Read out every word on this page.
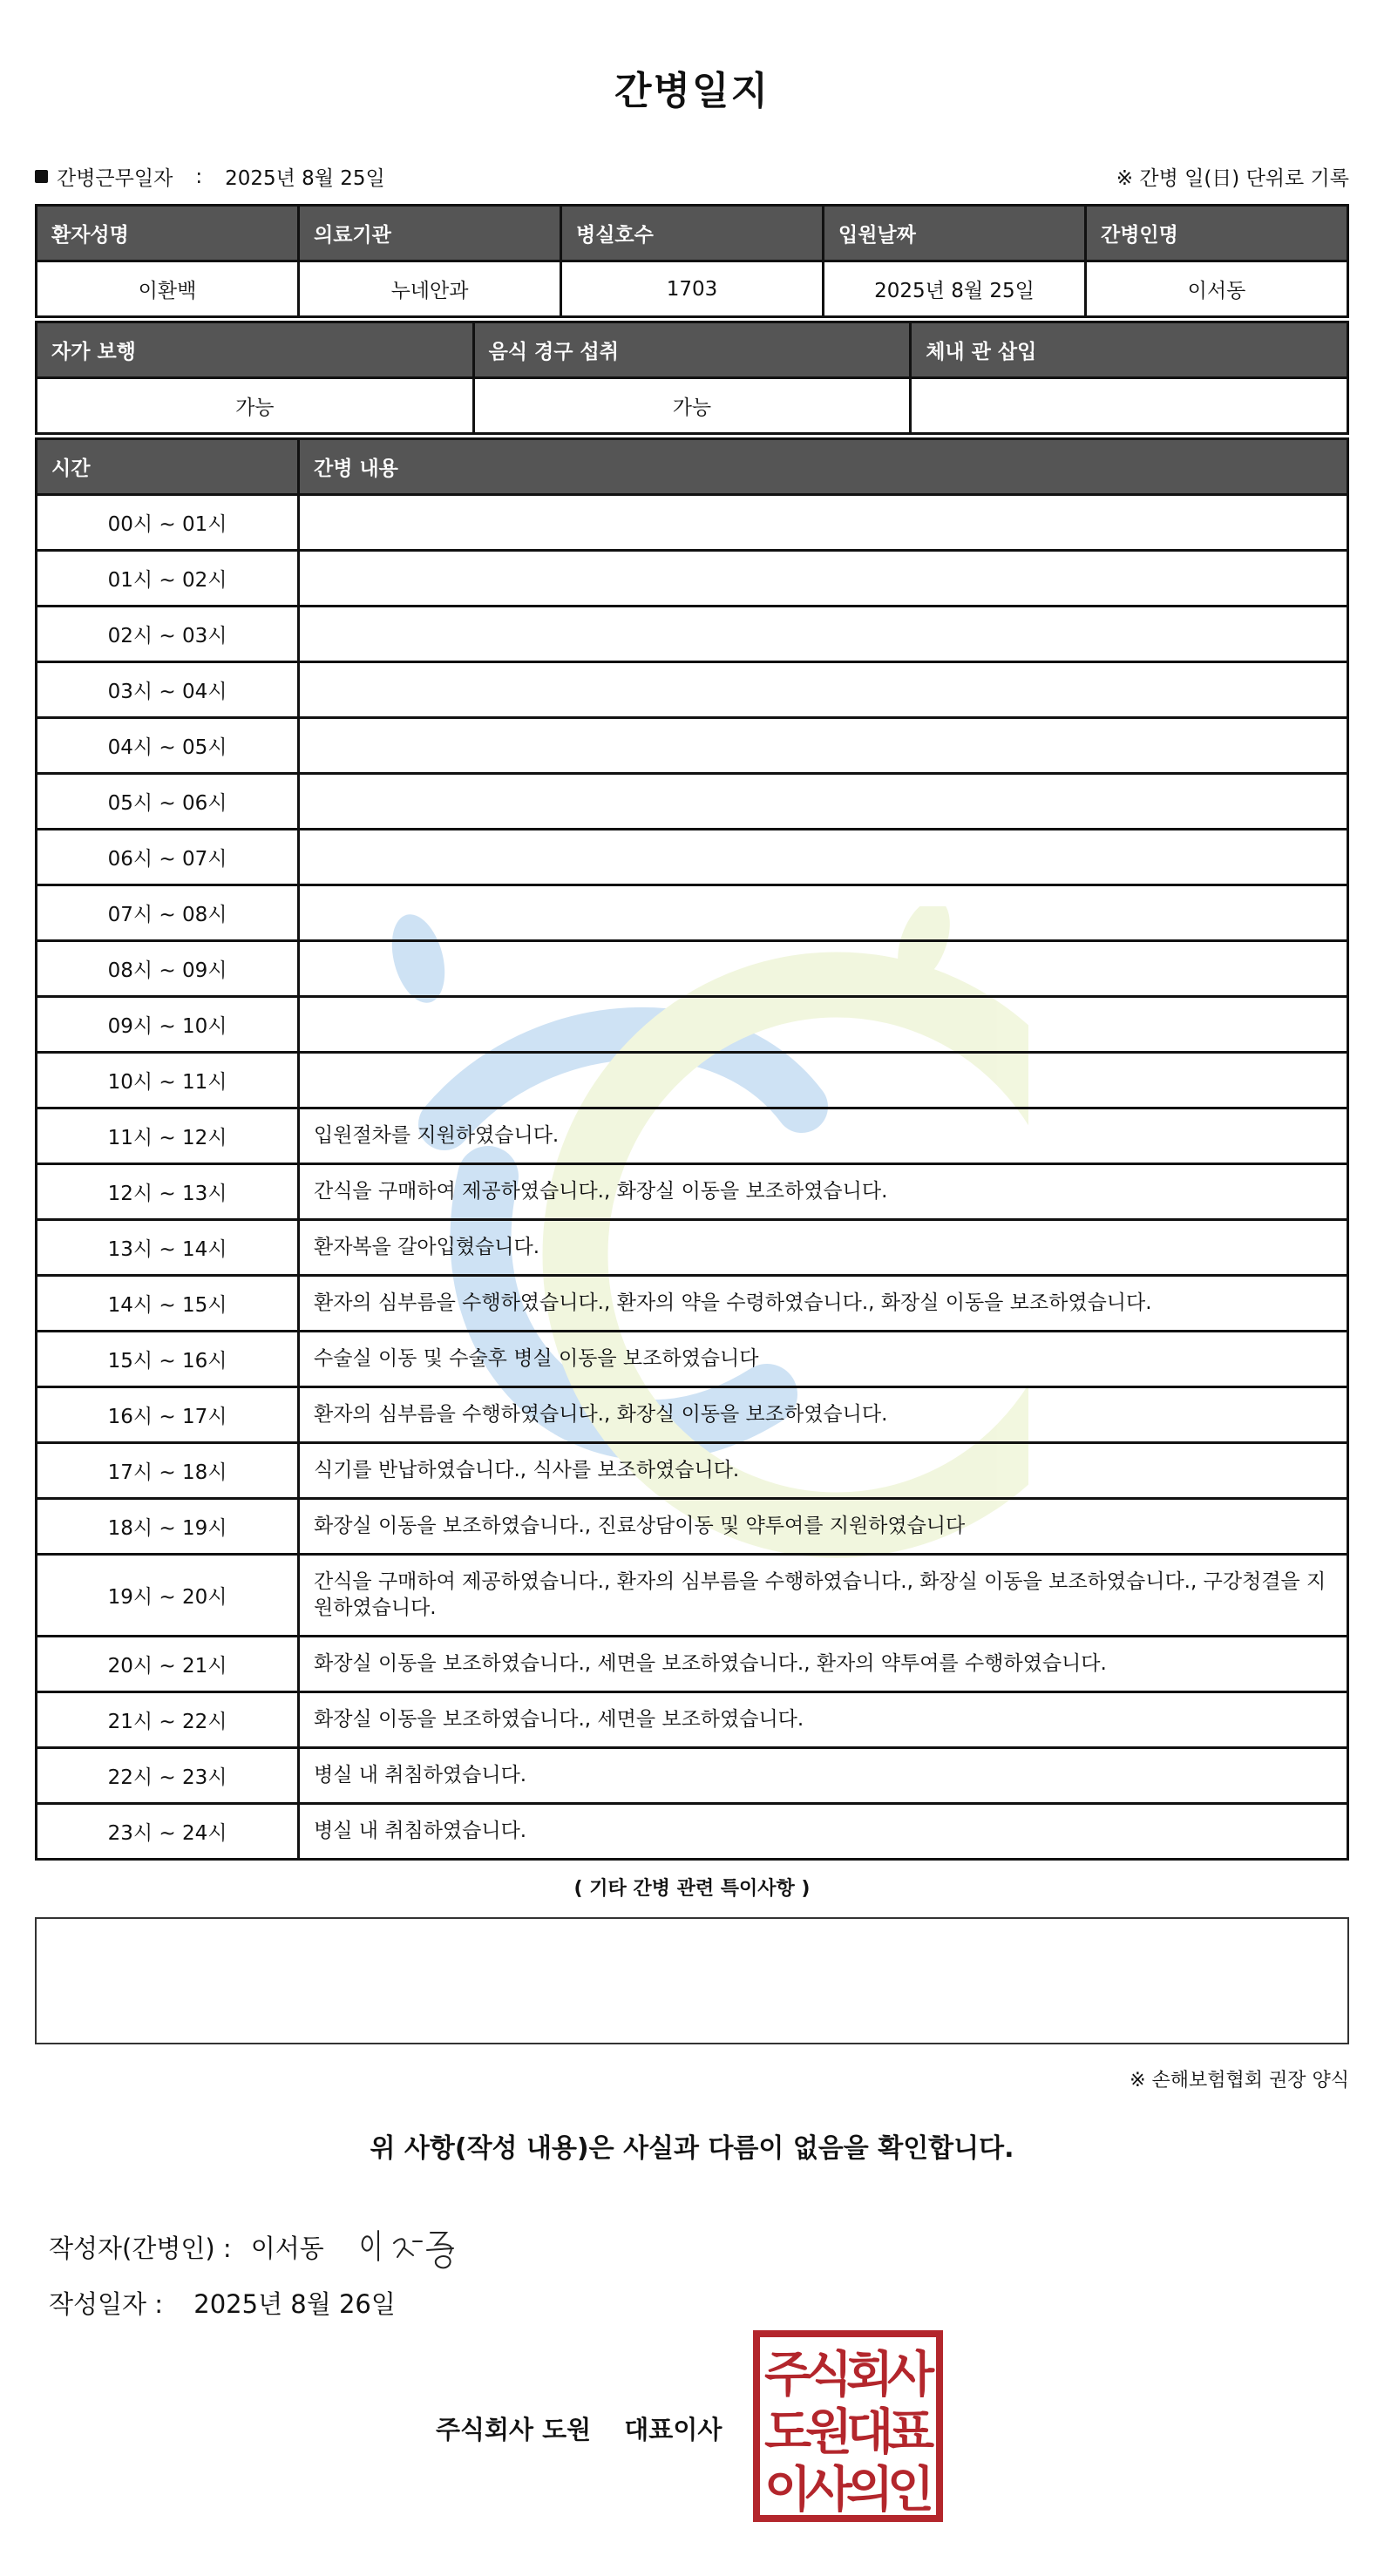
간병일지
간병근무일자 : 2025년 8월 25일	※ 간병 일(日) 단위로 기록
환자성명	의료기관	병실호수	입원날짜	간병인명
이환백	누네안과	1703	2025년 8월 25일	이서동
자가 보행	음식 경구 섭취	체내 관 삽입
가능	가능	
시간	간병 내용
00시 ~ 01시	
01시 ~ 02시	
02시 ~ 03시	
03시 ~ 04시	
04시 ~ 05시	
05시 ~ 06시	
06시 ~ 07시	
07시 ~ 08시	
08시 ~ 09시	
09시 ~ 10시	
10시 ~ 11시	
11시 ~ 12시	입원절차를 지원하였습니다.
12시 ~ 13시	간식을 구매하여 제공하였습니다., 화장실 이동을 보조하였습니다.
13시 ~ 14시	환자복을 갈아입혔습니다.
14시 ~ 15시	환자의 심부름을 수행하였습니다., 환자의 약을 수령하였습니다., 화장실 이동을 보조하였습니다.
15시 ~ 16시	수술실 이동 및 수술후 병실 이동을 보조하였습니다
16시 ~ 17시	환자의 심부름을 수행하였습니다., 화장실 이동을 보조하였습니다.
17시 ~ 18시	식기를 반납하였습니다., 식사를 보조하였습니다.
18시 ~ 19시	화장실 이동을 보조하였습니다., 진료상담이동 및 약투여를 지원하였습니다
19시 ~ 20시	간식을 구매하여 제공하였습니다., 환자의 심부름을 수행하였습니다., 화장실 이동을 보조하였습니다., 구강청결을 지원하였습니다.
20시 ~ 21시	화장실 이동을 보조하였습니다., 세면을 보조하였습니다., 환자의 약투여를 수행하였습니다.
21시 ~ 22시	화장실 이동을 보조하였습니다., 세면을 보조하였습니다.
22시 ~ 23시	병실 내 취침하였습니다.
23시 ~ 24시	병실 내 취침하였습니다.
( 기타 간병 관련 특이사항 )
※ 손해보험협회 권장 양식
위 사항(작성 내용)은 사실과 다름이 없음을 확인합니다.
작성자(간병인) : 이서동
작성일자 : 2025년 8월 26일
주식회사 도원 대표이사
주
식
회
사
도
원
대
표
이
사
의
인
